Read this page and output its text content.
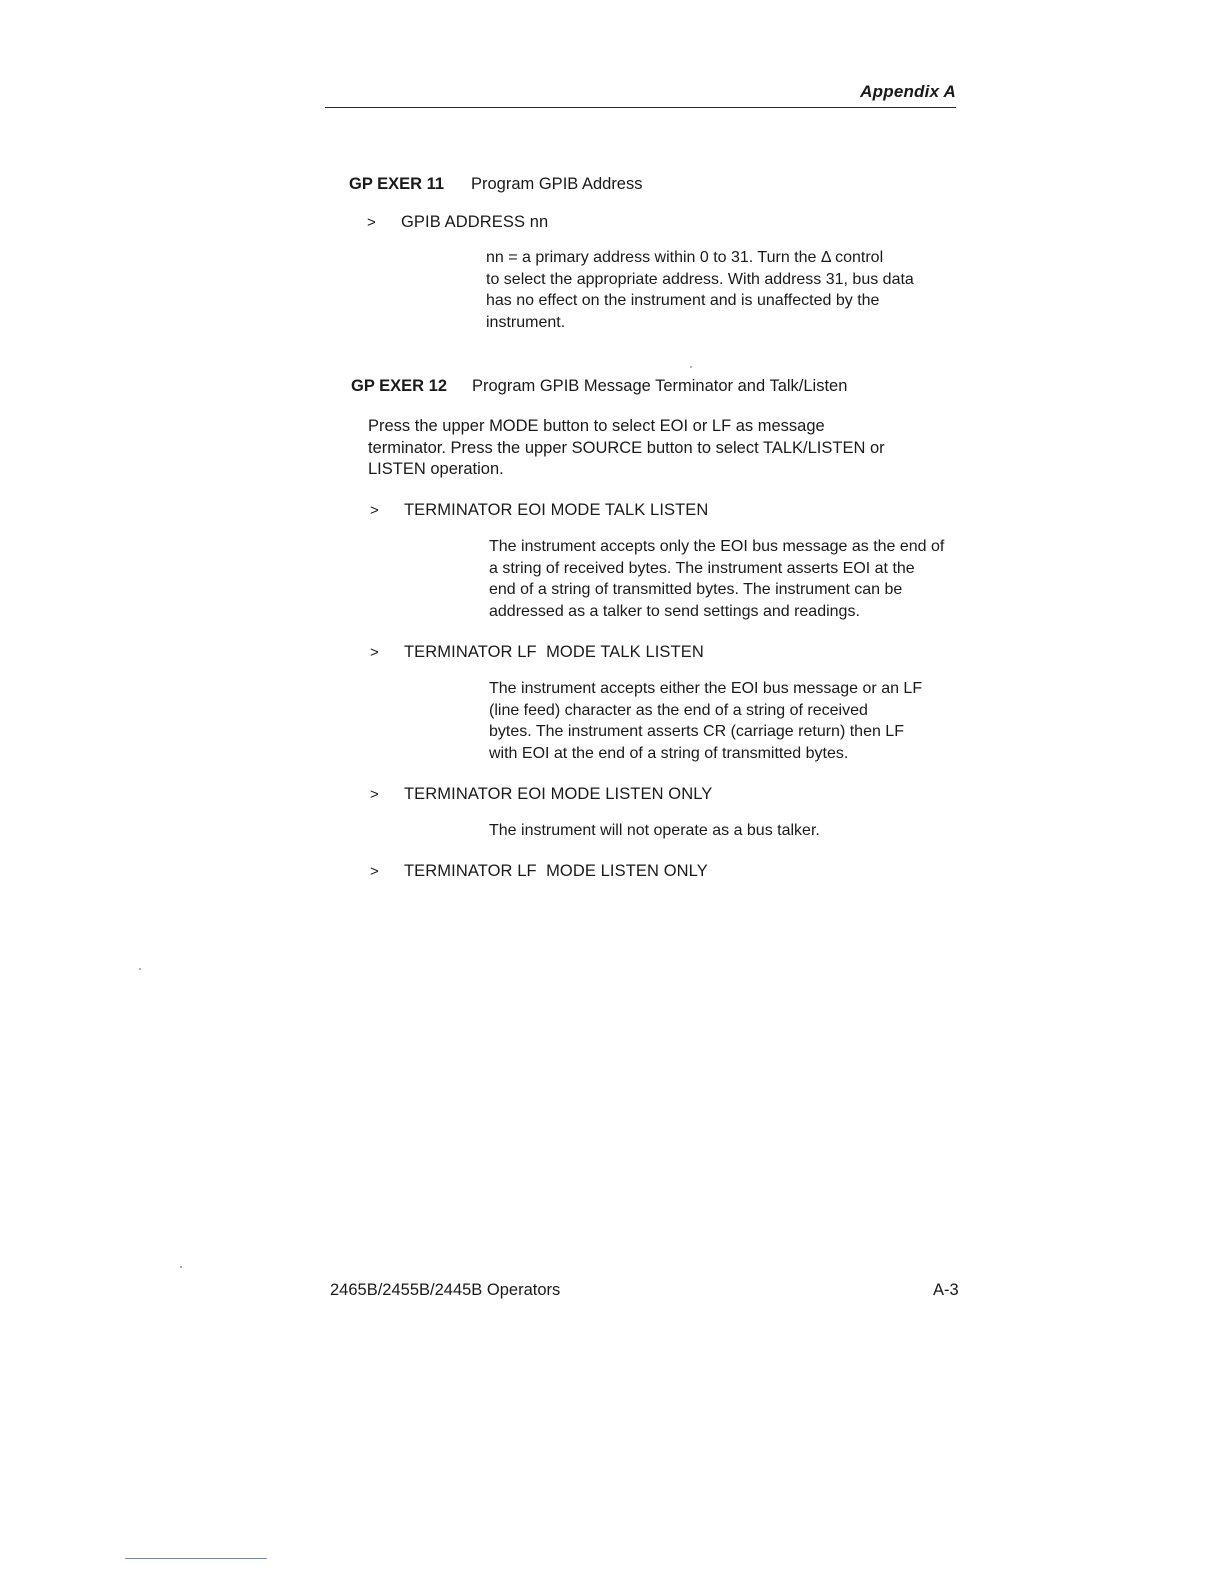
Appendix A
GP EXER 11 Program GPIB Address
> GPIB ADDRESS nn

nn = a primary address within 0 to 31. Turn the Δ control

to select the appropriate address. With address 31, bus data

has no effect on the instrument and is unaffected by the

instrument.

GP EXER 12 Program GPIB Message Terminator and Talk/Listen

Press the upper MODE button to select EOI or LF as message

terminator. Press the upper SOURCE button to select TALK/LISTEN or

LISTEN operation.

> TERMINATOR EOI MODE TALK LISTEN

The instrument accepts only the EOI bus message as the end of

a string of received bytes. The instrument asserts EOI at the

end of a string of transmitted bytes. The instrument can be

addressed as a talker to send settings and readings.

> TERMINATOR LF  MODE TALK LISTEN

The instrument accepts either the EOI bus message or an LF

(line feed) character as the end of a string of received

bytes. The instrument asserts CR (carriage return) then LF

with EOI at the end of a string of transmitted bytes.

> TERMINATOR EOI MODE LISTEN ONLY

The instrument will not operate as a bus talker.

> TERMINATOR LF  MODE LISTEN ONLY
2465B/2455B/2445B Operators	A-3
